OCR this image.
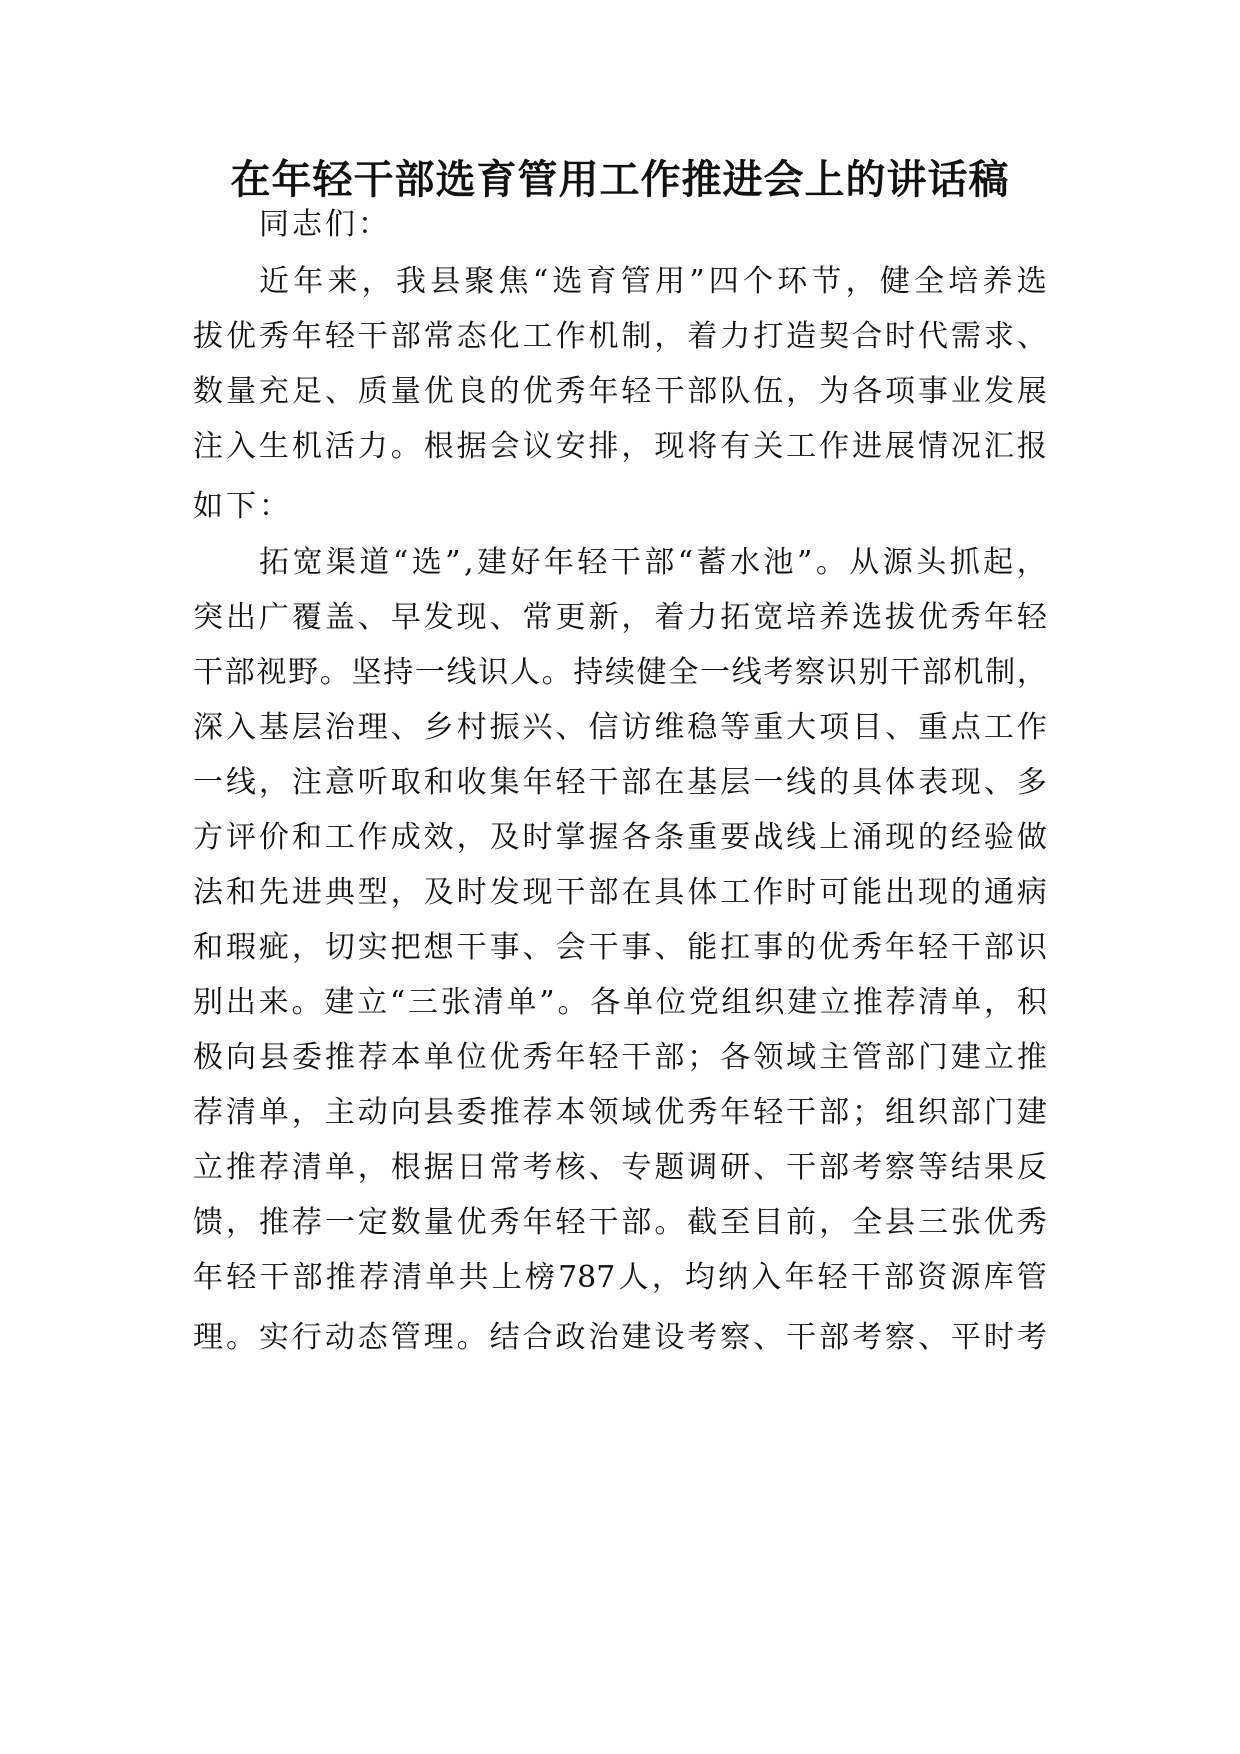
在年轻干部选育管用工作推进会上的讲话稿
同 志 们 ：
近 年 来 ， 我 县 聚 焦 “ 选 育 管 用 ” 四 个 环 节 ， 健 全 培 养 选
拔 优 秀 年 轻 干 部 常 态 化 工 作 机 制 ， 着 力 打 造 契 合 时 代 需 求 、
数 量 充 足 、 质 量 优 良 的 优 秀 年 轻 干 部 队 伍 ， 为 各 项 事 业 发 展
注 入 生 机 活 力 。 根 据 会 议 安 排 ， 现 将 有 关 工 作 进 展 情 况 汇 报
如 下 ：
拓 宽 渠 道 “ 选 ” , 建 好 年 轻 干 部 “ 蓄 水 池 ” 。 从 源 头 抓 起 ，
突 出 广 覆 盖 、 早 发 现 、 常 更 新 ， 着 力 拓 宽 培 养 选 拔 优 秀 年 轻
干 部 视 野 。 坚 持 一 线 识 人 。 持 续 健 全 一 线 考 察 识 别 干 部 机 制 ，
深 入 基 层 治 理 、 乡 村 振 兴 、 信 访 维 稳 等 重 大 项 目 、 重 点 工 作
一 线 ， 注 意 听 取 和 收 集 年 轻 干 部 在 基 层 一 线 的 具 体 表 现 、 多
方 评 价 和 工 作 成 效 ， 及 时 掌 握 各 条 重 要 战 线 上 涌 现 的 经 验 做
法 和 先 进 典 型 ， 及 时 发 现 干 部 在 具 体 工 作 时 可 能 出 现 的 通 病
和 瑕 疵 ， 切 实 把 想 干 事 、 会 干 事 、 能 扛 事 的 优 秀 年 轻 干 部 识
别 出 来 。 建 立 “ 三 张 清 单 ” 。 各 单 位 党 组 织 建 立 推 荐 清 单 ， 积
极 向 县 委 推 荐 本 单 位 优 秀 年 轻 干 部 ； 各 领 域 主 管 部 门 建 立 推
荐 清 单 ， 主 动 向 县 委 推 荐 本 领 域 优 秀 年 轻 干 部 ； 组 织 部 门 建
立 推 荐 清 单 ， 根 据 日 常 考 核 、 专 题 调 研 、 干 部 考 察 等 结 果 反
馈 ， 推 荐 一 定 数 量 优 秀 年 轻 干 部 。 截 至 目 前 ， 全 县 三 张 优 秀
年 轻 干 部 推 荐 清 单 共 上 榜 787 人 ， 均 纳 入 年 轻 干 部 资 源 库 管
理 。 实 行 动 态 管 理 。 结 合 政 治 建 设 考 察 、 干 部 考 察 、 平 时 考
